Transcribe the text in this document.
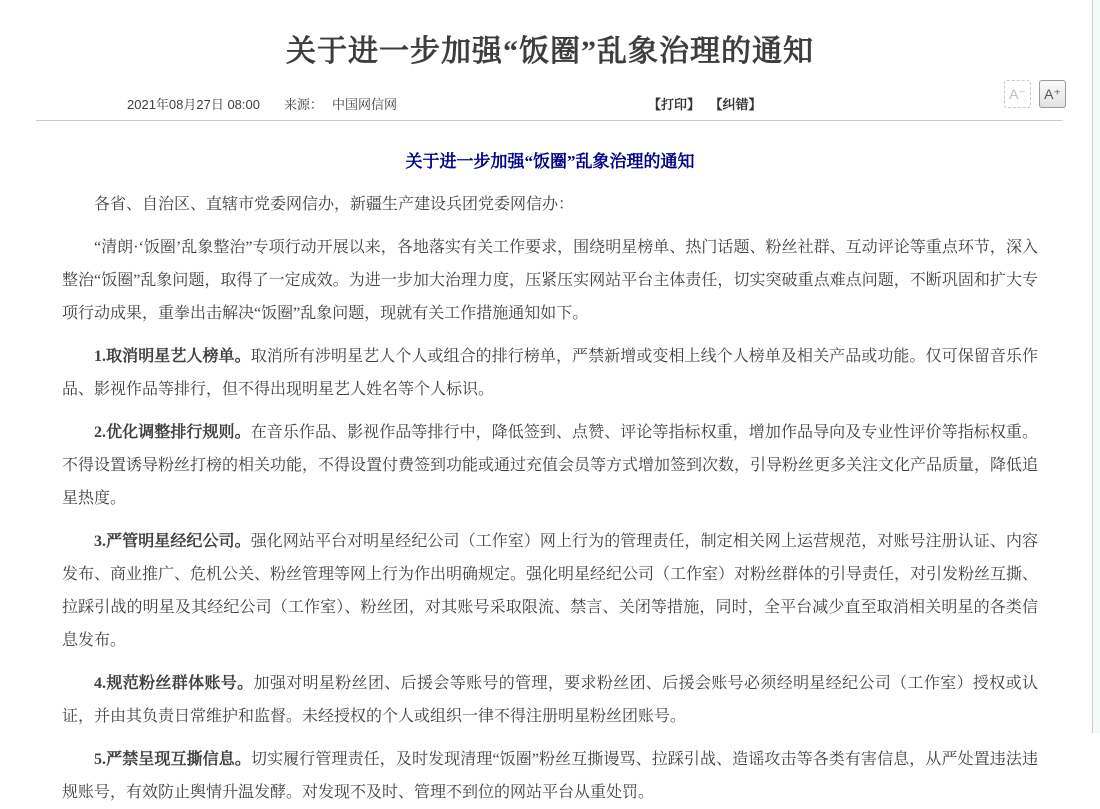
关于进一步加强“饭圈”乱象治理的通知
2021年08月27日 08:00 来源： 中国网信网	【打印】 【纠错】
A⁻	A⁺
关于进一步加强“饭圈”乱象治理的通知

各省、自治区、直辖市党委网信办，新疆生产建设兵团党委网信办：

“清朗·‘饭圈’乱象整治”专项行动开展以来，各地落实有关工作要求，围绕明星榜单、热门话题、粉丝社群、互动评论等重点环节，深入整治“饭圈”乱象问题，取得了一定成效。为进一步加大治理力度，压紧压实网站平台主体责任，切实突破重点难点问题，不断巩固和扩大专项行动成果，重拳出击解决“饭圈”乱象问题，现就有关工作措施通知如下。

1.取消明星艺人榜单。取消所有涉明星艺人个人或组合的排行榜单，严禁新增或变相上线个人榜单及相关产品或功能。仅可保留音乐作品、影视作品等排行，但不得出现明星艺人姓名等个人标识。

2.优化调整排行规则。在音乐作品、影视作品等排行中，降低签到、点赞、评论等指标权重，增加作品导向及专业性评价等指标权重。不得设置诱导粉丝打榜的相关功能，不得设置付费签到功能或通过充值会员等方式增加签到次数，引导粉丝更多关注文化产品质量，降低追星热度。

3.严管明星经纪公司。强化网站平台对明星经纪公司（工作室）网上行为的管理责任，制定相关网上运营规范，对账号注册认证、内容发布、商业推广、危机公关、粉丝管理等网上行为作出明确规定。强化明星经纪公司（工作室）对粉丝群体的引导责任，对引发粉丝互撕、拉踩引战的明星及其经纪公司（工作室）、粉丝团，对其账号采取限流、禁言、关闭等措施，同时，全平台减少直至取消相关明星的各类信息发布。

4.规范粉丝群体账号。加强对明星粉丝团、后援会等账号的管理，要求粉丝团、后援会账号必须经明星经纪公司（工作室）授权或认证，并由其负责日常维护和监督。未经授权的个人或组织一律不得注册明星粉丝团账号。

5.严禁呈现互撕信息。切实履行管理责任，及时发现清理“饭圈”粉丝互撕谩骂、拉踩引战、造谣攻击等各类有害信息，从严处置违法违规账号，有效防止舆情升温发酵。对发现不及时、管理不到位的网站平台从重处罚。
